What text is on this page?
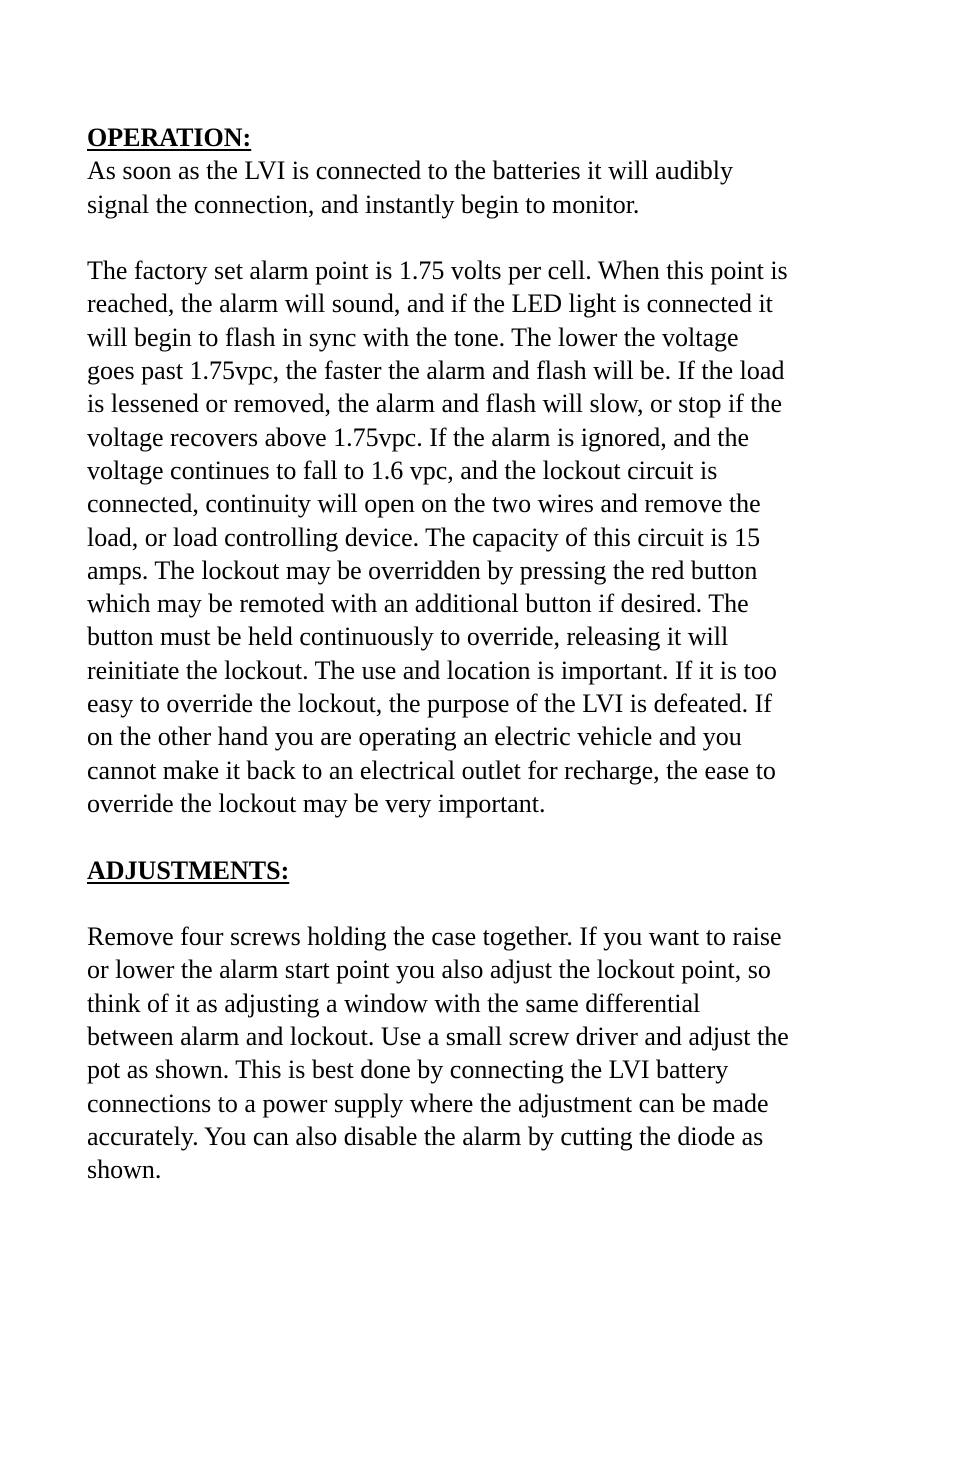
OPERATION:

As soon as the LVI is connected to the batteries it will audibly
signal the connection, and instantly begin to monitor.

The factory set alarm point is 1.75 volts per cell. When this point is
reached, the alarm will sound, and if the LED light is connected it
will begin to flash in sync with the tone. The lower the voltage
goes past 1.75vpc, the faster the alarm and flash will be. If the load
is lessened or removed, the alarm and flash will slow, or stop if the
voltage recovers above 1.75vpc. If the alarm is ignored, and the
voltage continues to fall to 1.6 vpc, and the lockout circuit is
connected, continuity will open on the two wires and remove the
load, or load controlling device. The capacity of this circuit is 15
amps. The lockout may be overridden by pressing the red button
which may be remoted with an additional button if desired. The
button must be held continuously to override, releasing it will
reinitiate the lockout. The use and location is important. If it is too
easy to override the lockout, the purpose of the LVI is defeated. If
on the other hand you are operating an electric vehicle and you
cannot make it back to an electrical outlet for recharge, the ease to
override the lockout may be very important.

ADJUSTMENTS:

Remove four screws holding the case together. If you want to raise
or lower the alarm start point you also adjust the lockout point, so
think of it as adjusting a window with the same differential
between alarm and lockout. Use a small screw driver and adjust the
pot as shown. This is best done by connecting the LVI battery
connections to a power supply where the adjustment can be made
accurately. You can also disable the alarm by cutting the diode as
shown.
